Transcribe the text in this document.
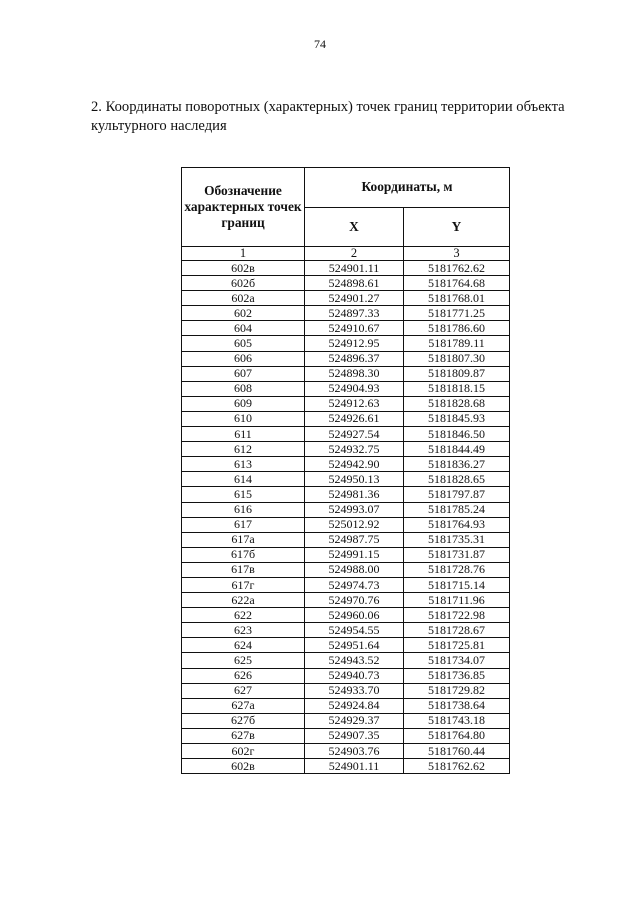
74
2. Координаты поворотных (характерных) точек границ территории объекта культурного наследия
Обозначение характерных точек границ	Координаты, м	
	X	Y
1	2	3
602в	524901.11	5181762.62
602б	524898.61	5181764.68
602а	524901.27	5181768.01
602	524897.33	5181771.25
604	524910.67	5181786.60
605	524912.95	5181789.11
606	524896.37	5181807.30
607	524898.30	5181809.87
608	524904.93	5181818.15
609	524912.63	5181828.68
610	524926.61	5181845.93
611	524927.54	5181846.50
612	524932.75	5181844.49
613	524942.90	5181836.27
614	524950.13	5181828.65
615	524981.36	5181797.87
616	524993.07	5181785.24
617	525012.92	5181764.93
617а	524987.75	5181735.31
617б	524991.15	5181731.87
617в	524988.00	5181728.76
617г	524974.73	5181715.14
622а	524970.76	5181711.96
622	524960.06	5181722.98
623	524954.55	5181728.67
624	524951.64	5181725.81
625	524943.52	5181734.07
626	524940.73	5181736.85
627	524933.70	5181729.82
627а	524924.84	5181738.64
627б	524929.37	5181743.18
627в	524907.35	5181764.80
602г	524903.76	5181760.44
602в	524901.11	5181762.62
